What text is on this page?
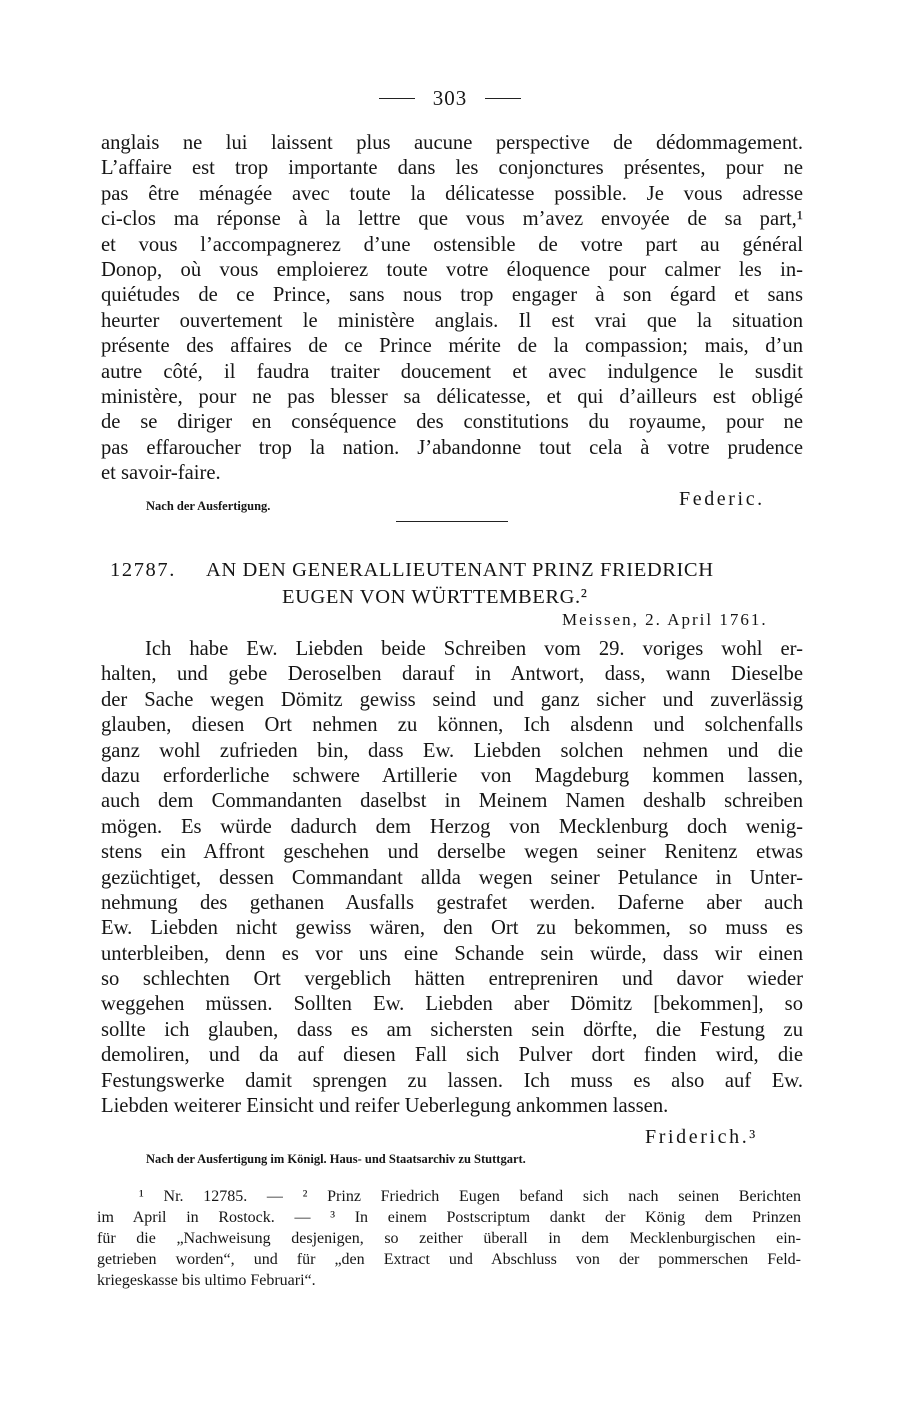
303
anglais ne lui laissent plus aucune perspective de dédommagement.
L’affaire est trop importante dans les conjonctures présentes, pour ne
pas être ménagée avec toute la délicatesse possible. Je vous adresse
ci-clos ma réponse à la lettre que vous m’avez envoyée de sa part,¹
et vous l’accompagnerez d’une ostensible de votre part au général
Donop, où vous emploierez toute votre éloquence pour calmer les in-
quiétudes de ce Prince, sans nous trop engager à son égard et sans
heurter ouvertement le ministère anglais. Il est vrai que la situation
présente des affaires de ce Prince mérite de la compassion; mais, d’un
autre côté, il faudra traiter doucement et avec indulgence le susdit
ministère, pour ne pas blesser sa délicatesse, et qui d’ailleurs est obligé
de se diriger en conséquence des constitutions du royaume, pour ne
pas effaroucher trop la nation. J’abandonne tout cela à votre prudence
et savoir-faire.
Nach der Ausfertigung.	Federic.
12787. AN DEN GENERALLIEUTENANT PRINZ FRIEDRICH
EUGEN VON WÜRTTEMBERG.²
Meissen, 2. April 1761.
Ich habe Ew. Liebden beide Schreiben vom 29. voriges wohl er-
halten, und gebe Deroselben darauf in Antwort, dass, wann Dieselbe
der Sache wegen Dömitz gewiss seind und ganz sicher und zuverlässig
glauben, diesen Ort nehmen zu können, Ich alsdenn und solchenfalls
ganz wohl zufrieden bin, dass Ew. Liebden solchen nehmen und die
dazu erforderliche schwere Artillerie von Magdeburg kommen lassen,
auch dem Commandanten daselbst in Meinem Namen deshalb schreiben
mögen. Es würde dadurch dem Herzog von Mecklenburg doch wenig-
stens ein Affront geschehen und derselbe wegen seiner Renitenz etwas
gezüchtiget, dessen Commandant allda wegen seiner Petulance in Unter-
nehmung des gethanen Ausfalls gestrafet werden. Daferne aber auch
Ew. Liebden nicht gewiss wären, den Ort zu bekommen, so muss es
unterbleiben, denn es vor uns eine Schande sein würde, dass wir einen
so schlechten Ort vergeblich hätten entrepreniren und davor wieder
weggehen müssen. Sollten Ew. Liebden aber Dömitz [bekommen], so
sollte ich glauben, dass es am sichersten sein dörfte, die Festung zu
demoliren, und da auf diesen Fall sich Pulver dort finden wird, die
Festungswerke damit sprengen zu lassen. Ich muss es also auf Ew.
Liebden weiterer Einsicht und reifer Ueberlegung ankommen lassen.
Friderich.³
Nach der Ausfertigung im Königl. Haus- und Staatsarchiv zu Stuttgart.
¹ Nr. 12785. — ² Prinz Friedrich Eugen befand sich nach seinen Berichten
im April in Rostock. — ³ In einem Postscriptum dankt der König dem Prinzen
für die „Nachweisung desjenigen, so zeither überall in dem Mecklenburgischen ein-
getrieben worden“, und für „den Extract und Abschluss von der pommerschen Feld-
kriegeskasse bis ultimo Februari“.
